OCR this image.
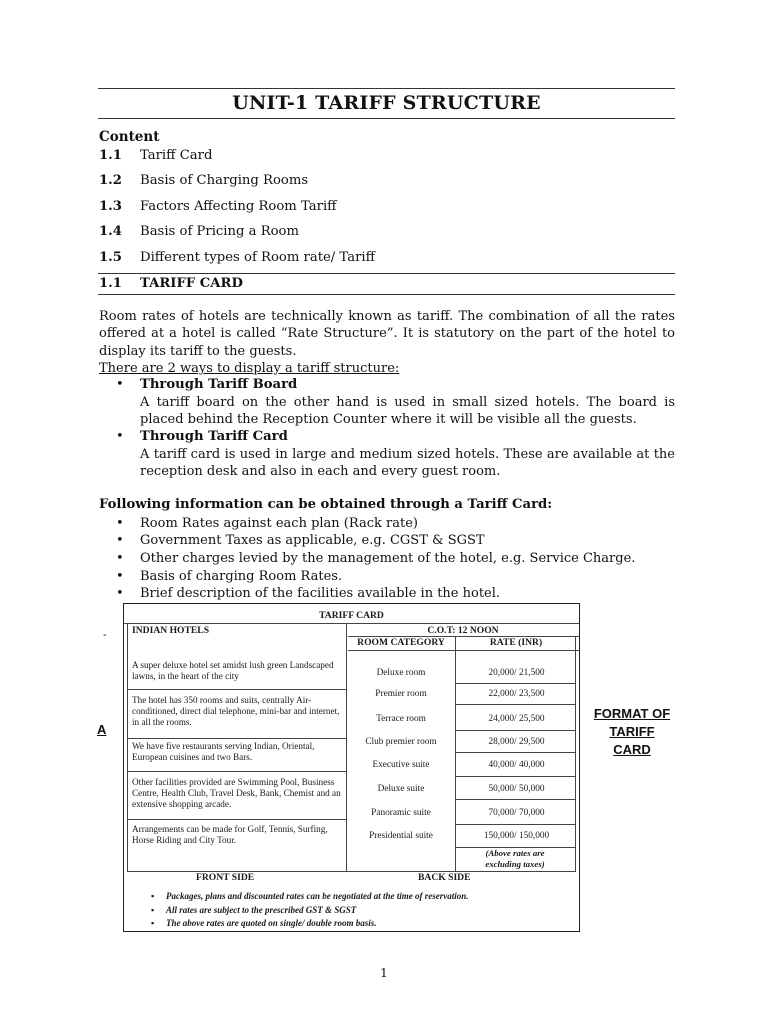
UNIT-1 TARIFF STRUCTURE
Content
1.1	Tariff Card
1.2	Basis of Charging Rooms
1.3	Factors Affecting Room Tariff
1.4	Basis of Pricing a Room
1.5	Different types of Room rate/ Tariff
1.1 TARIFF CARD
Room rates of hotels are technically known as tariff. The combination of all the rates offered at a hotel is called “Rate Structure”. It is statutory on the part of the hotel to display its tariff to the guests.
There are 2 ways to display a tariff structure:
• Through Tariff Board
A tariff board on the other hand is used in small sized hotels. The board is placed behind the Reception Counter where it will be visible all the guests.
• Through Tariff Card
A tariff card is used in large and medium sized hotels. These are available at the reception desk and also in each and every guest room.
Following information can be obtained through a Tariff Card:
• Room Rates against each plan (Rack rate)
• Government Taxes as applicable, e.g. CGST & SGST
• Other charges levied by the management of the hotel, e.g. Service Charge.
• Basis of charging Room Rates.
• Brief description of the facilities available in the hotel.
-
A
TARIFF CARD
INDIAN HOTELS	C.O.T: 12 NOON
ROOM CATEGORY	RATE (INR)
A super deluxe hotel set amidst lush green Landscaped lawns, in the heart of the city
The hotel has 350 rooms and suits, centrally Air-conditioned, direct dial telephone, mini-bar and internet, in all the rooms.
We have five restaurants serving Indian, Oriental, European cuisines and two Bars.
Other facilities provided are Swimming Pool, Business Centre, Health Club, Travel Desk, Bank, Chemist and an extensive shopping arcade.
Arrangements can be made for Golf, Tennis, Surfing, Horse Riding and City Tour.
Deluxe room	20,000/ 21,500
Premier room	22,000/ 23,500
Terrace room	24,000/ 25,500
Club premier room	28,000/ 29,500
Executive suite	40,000/ 40,000
Deluxe suite	50,000/ 50,000
Panoramic suite	70,000/ 70,000
Presidential suite	150,000/ 150,000
(Above rates are
excluding taxes)
FRONT SIDE	BACK SIDE
▪ Packages, plans and discounted rates can be negotiated at the time of reservation.
▪ All rates are subject to the prescribed GST & SGST
▪ The above rates are quoted on single/ double room basis.
FORMAT OF
TARIFF
CARD
1
